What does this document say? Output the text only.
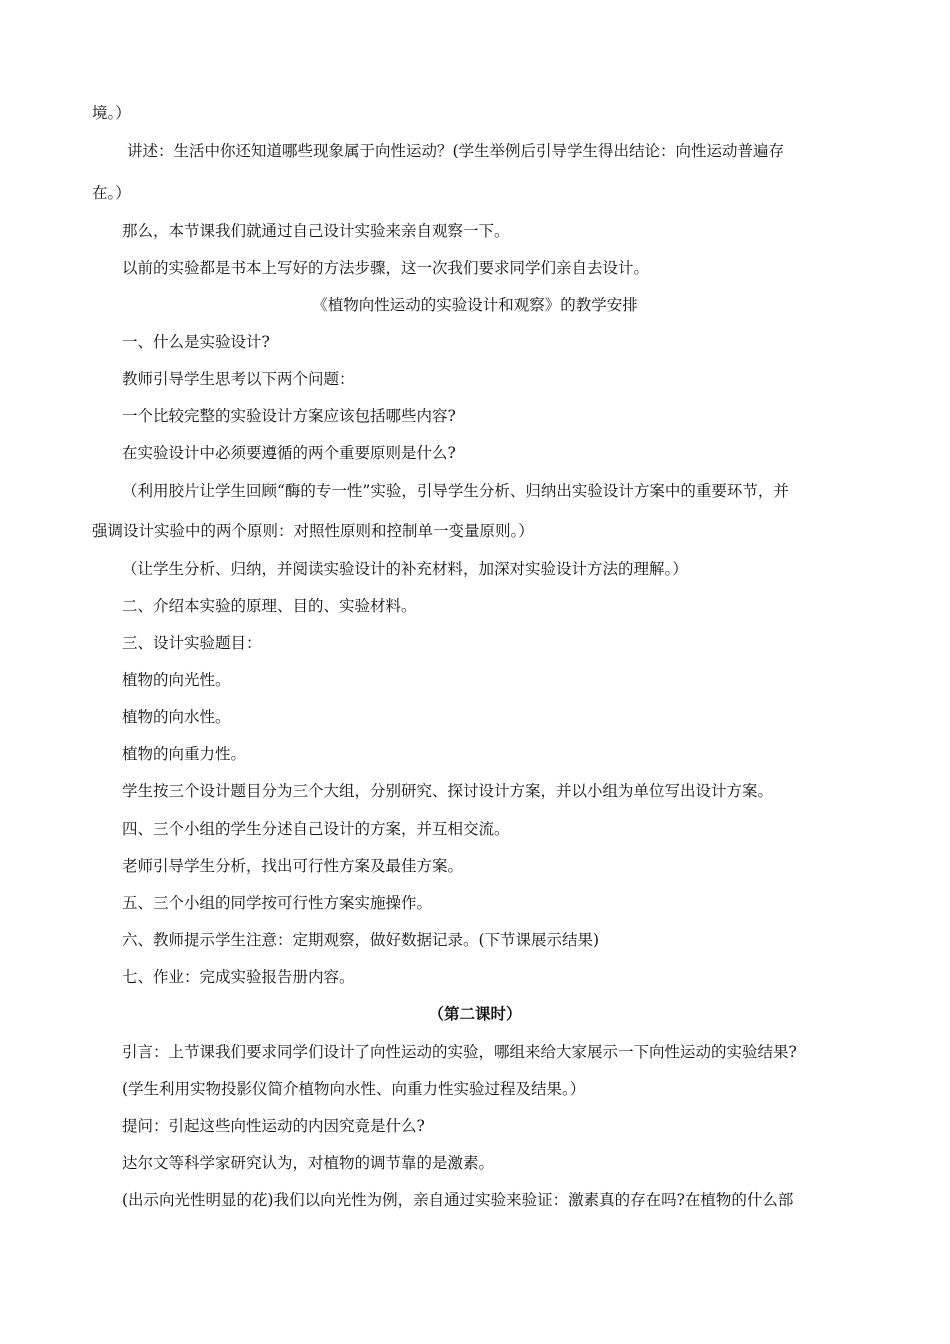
境。）
讲述：生活中你还知道哪些现象属于向性运动？(学生举例后引导学生得出结论：向性运动普遍存
在。）
那么，本节课我们就通过自己设计实验来亲自观察一下。
以前的实验都是书本上写好的方法步骤，这一次我们要求同学们亲自去设计。
《植物向性运动的实验设计和观察》的教学安排
一、什么是实验设计?
教师引导学生思考以下两个问题：
一个比较完整的实验设计方案应该包括哪些内容?
在实验设计中必须要遵循的两个重要原则是什么?
（利用胶片让学生回顾“酶的专一性”实验，引导学生分析、归纳出实验设计方案中的重要环节，并
强调设计实验中的两个原则：对照性原则和控制单一变量原则。）
（让学生分析、归纳，并阅读实验设计的补充材料，加深对实验设计方法的理解。）
二、介绍本实验的原理、目的、实验材料。
三、设计实验题目：
植物的向光性。
植物的向水性。
植物的向重力性。
学生按三个设计题目分为三个大组，分别研究、探讨设计方案，并以小组为单位写出设计方案。
四、三个小组的学生分述自己设计的方案，并互相交流。
老师引导学生分析，找出可行性方案及最佳方案。
五、三个小组的同学按可行性方案实施操作。
六、教师提示学生注意：定期观察，做好数据记录。(下节课展示结果)
七、作业：完成实验报告册内容。
（第二课时）
引言：上节课我们要求同学们设计了向性运动的实验，哪组来给大家展示一下向性运动的实验结果?
(学生利用实物投影仪简介植物向水性、向重力性实验过程及结果。）
提问：引起这些向性运动的内因究竟是什么?
达尔文等科学家研究认为，对植物的调节靠的是激素。
(出示向光性明显的花)我们以向光性为例，亲自通过实验来验证：激素真的存在吗?在植物的什么部
